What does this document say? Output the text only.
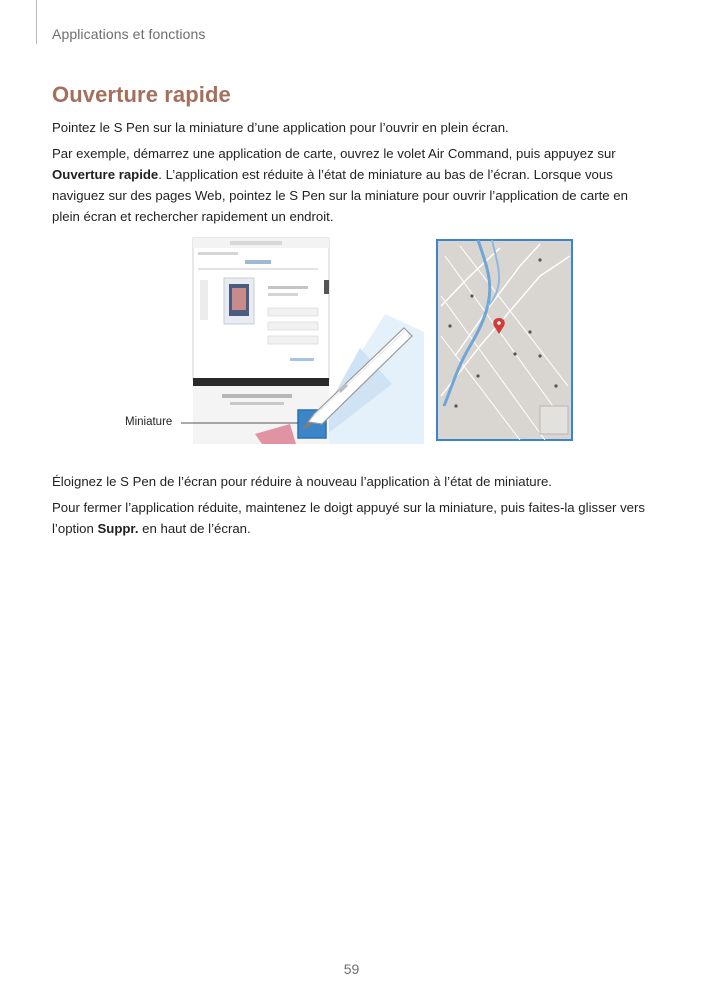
Applications et fonctions
Ouverture rapide

Pointez le S Pen sur la miniature d’une application pour l’ouvrir en plein écran.

Par exemple, démarrez une application de carte, ouvrez le volet Air Command, puis appuyez sur Ouverture rapide. L’application est réduite à l’état de miniature au bas de l’écran. Lorsque vous naviguez sur des pages Web, pointez le S Pen sur la miniature pour ouvrir l’application de carte en plein écran et rechercher rapidement un endroit.

Miniature

Éloignez le S Pen de l’écran pour réduire à nouveau l’application à l’état de miniature.

Pour fermer l’application réduite, maintenez le doigt appuyé sur la miniature, puis faites-la glisser vers l’option Suppr. en haut de l’écran.

59
